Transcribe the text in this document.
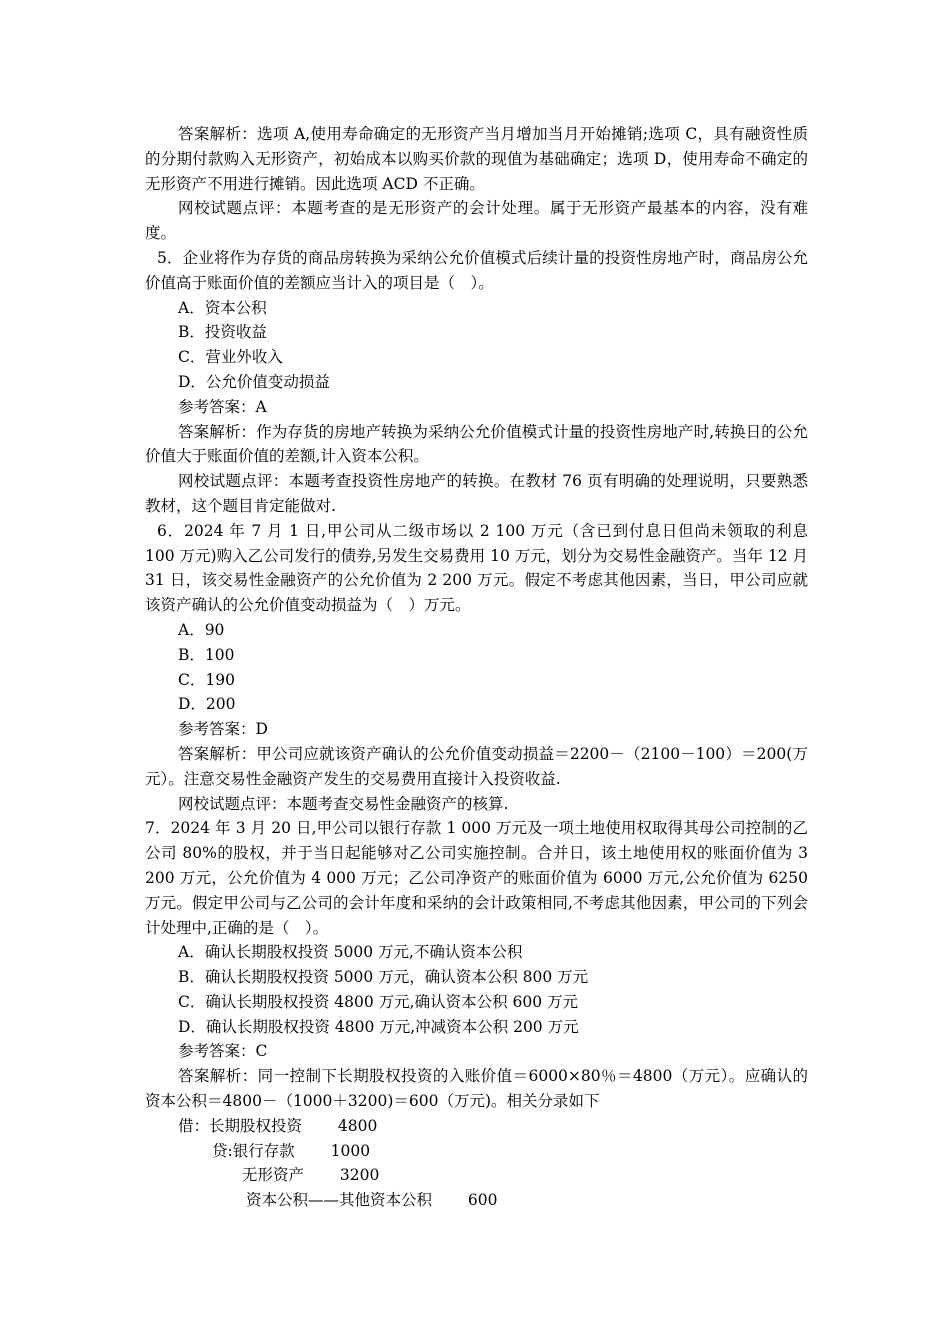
答案解析：选项 A,使用寿命确定的无形资产当月增加当月开始摊销;选项 C，具有融资性质的分期付款购入无形资产，初始成本以购买价款的现值为基础确定；选项 D，使用寿命不确定的无形资产不用进行摊销。因此选项 ACD 不正确。

网校试题点评：本题考查的是无形资产的会计处理。属于无形资产最基本的内容，没有难度。

5．企业将作为存货的商品房转换为采纳公允价值模式后续计量的投资性房地产时，商品房公允价值高于账面价值的差额应当计入的项目是（　）。

A．资本公积

B．投资收益

C．营业外收入

D．公允价值变动损益

参考答案：A

答案解析：作为存货的房地产转换为采纳公允价值模式计量的投资性房地产时,转换日的公允价值大于账面价值的差额,计入资本公积。

网校试题点评：本题考查投资性房地产的转换。在教材 76 页有明确的处理说明，只要熟悉教材，这个题目肯定能做对.

6．2024 年 7 月 1 日,甲公司从二级市场以 2 100 万元（含已到付息日但尚未领取的利息 100 万元)购入乙公司发行的债券,另发生交易费用 10 万元，划分为交易性金融资产。当年 12 月 31 日，该交易性金融资产的公允价值为 2 200 万元。假定不考虑其他因素，当日，甲公司应就该资产确认的公允价值变动损益为（　）万元。

A．90

B．100

C．190

D．200

参考答案：D

答案解析：甲公司应就该资产确认的公允价值变动损益＝2200－（2100－100）＝200(万元）。注意交易性金融资产发生的交易费用直接计入投资收益.

网校试题点评：本题考查交易性金融资产的核算.

7．2024 年 3 月 20 日,甲公司以银行存款 1 000 万元及一项土地使用权取得其母公司控制的乙公司 80%的股权，并于当日起能够对乙公司实施控制。合并日，该土地使用权的账面价值为 3 200 万元，公允价值为 4 000 万元；乙公司净资产的账面价值为 6000 万元,公允价值为 6250 万元。假定甲公司与乙公司的会计年度和采纳的会计政策相同,不考虑其他因素，甲公司的下列会计处理中,正确的是（　）。

A．确认长期股权投资 5000 万元,不确认资本公积

B．确认长期股权投资 5000 万元，确认资本公积 800 万元

C．确认长期股权投资 4800 万元,确认资本公积 600 万元

D．确认长期股权投资 4800 万元,冲减资本公积 200 万元

参考答案：C

答案解析：同一控制下长期股权投资的入账价值＝6000×80％＝4800（万元）。应确认的资本公积＝4800－（1000＋3200)＝600（万元)。相关分录如下

借：长期股权投资　　 4800

贷:银行存款　　 1000

无形资产　　 3200

资本公积——其他资本公积　　 600
